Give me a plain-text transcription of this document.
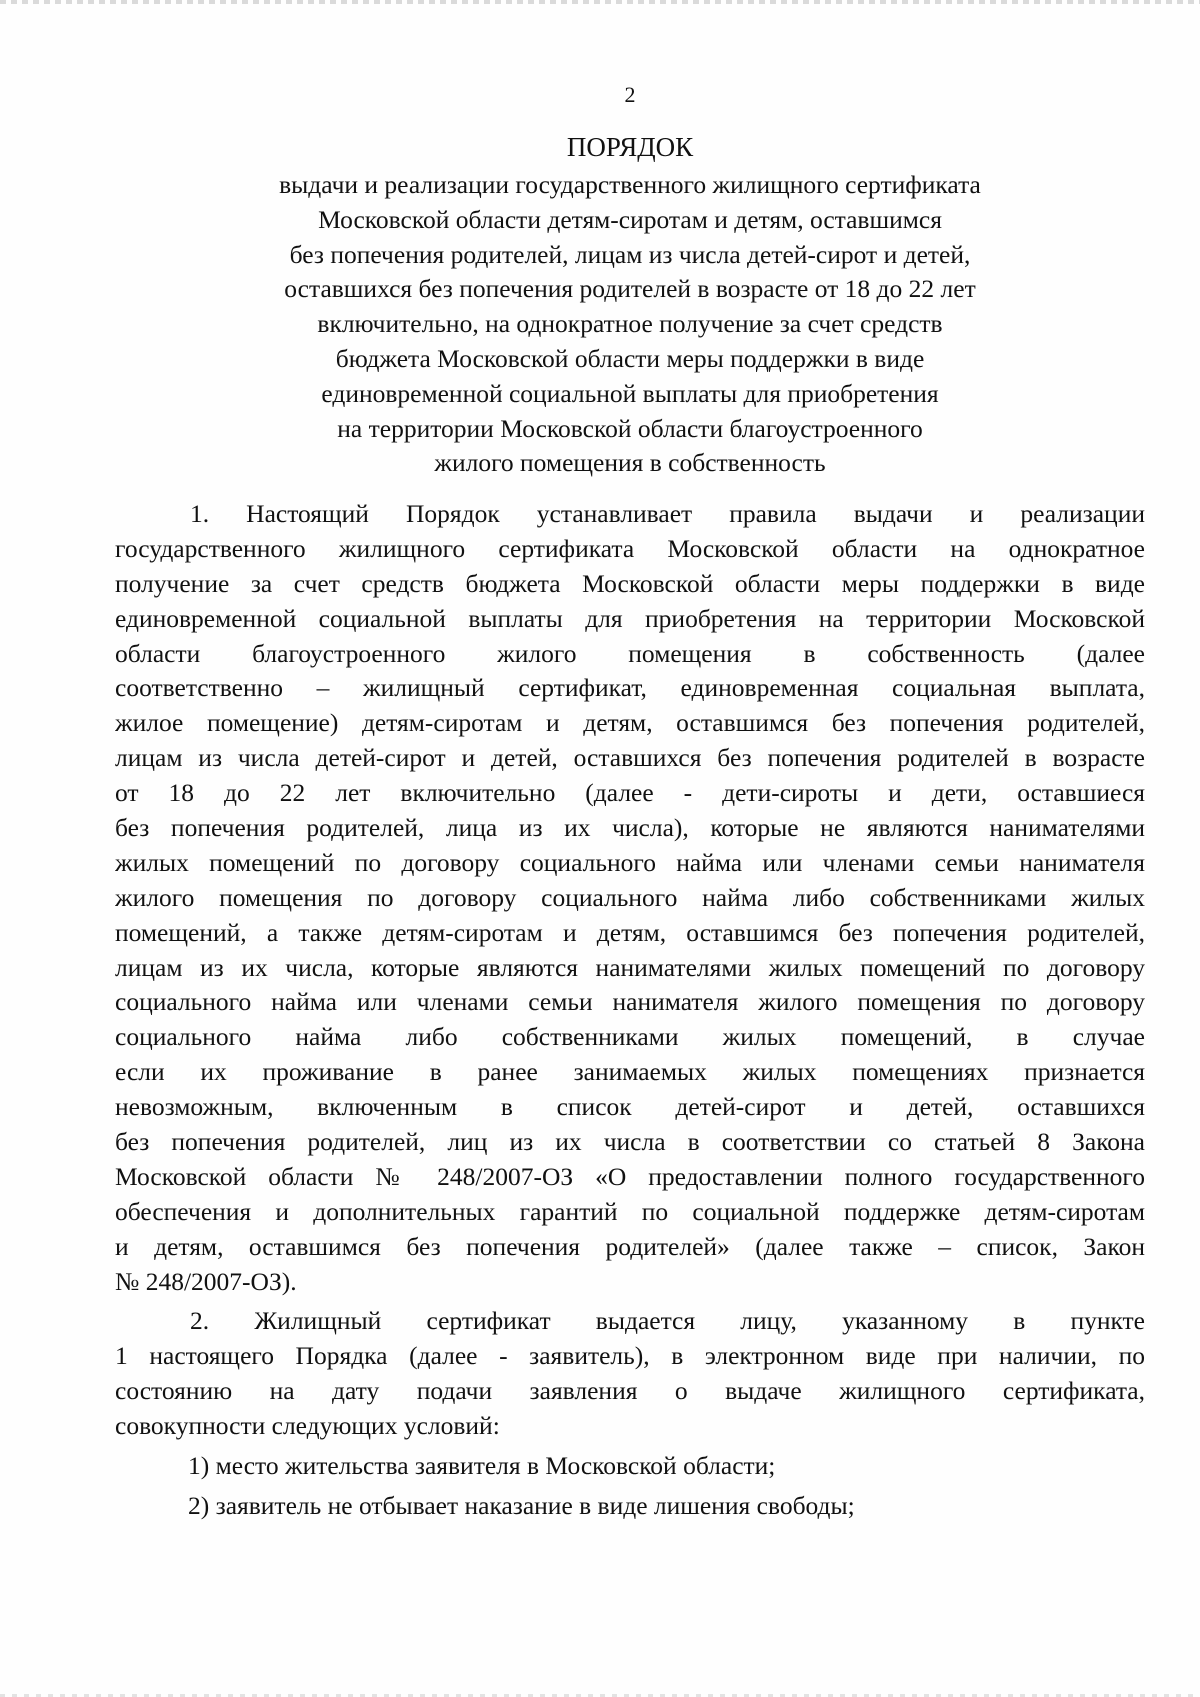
2
ПОРЯДОК
выдачи и реализации государственного жилищного сертификата
Московской области детям-сиротам и детям, оставшимся
без попечения родителей, лицам из числа детей-сирот и детей,
оставшихся без попечения родителей в возрасте от 18 до 22 лет
включительно, на однократное получение за счет средств
бюджета Московской области меры поддержки в виде
единовременной социальной выплаты для приобретения
на территории Московской области благоустроенного
жилого помещения в собственность
1. Настоящий Порядок устанавливает правила выдачи и реализации
государственного жилищного сертификата Московской области на однократное
получение за счет средств бюджета Московской области меры поддержки в виде
единовременной социальной выплаты для приобретения на территории Московской
области благоустроенного жилого помещения в собственность (далее
соответственно – жилищный сертификат, единовременная социальная выплата,
жилое помещение) детям-сиротам и детям, оставшимся без попечения родителей,
лицам из числа детей-сирот и детей, оставшихся без попечения родителей в возрасте
от 18 до 22 лет включительно (далее - дети-сироты и дети, оставшиеся
без попечения родителей, лица из их числа), которые не являются нанимателями
жилых помещений по договору социального найма или членами семьи нанимателя
жилого помещения по договору социального найма либо собственниками жилых
помещений, а также детям-сиротам и детям, оставшимся без попечения родителей,
лицам из их числа, которые являются нанимателями жилых помещений по договору
социального найма или членами семьи нанимателя жилого помещения по договору
социального найма либо собственниками жилых помещений, в случае
если их проживание в ранее занимаемых жилых помещениях признается
невозможным, включенным в список детей-сирот и детей, оставшихся
без попечения родителей, лиц из их числа в соответствии со статьей 8 Закона
Московской области № 248/2007-ОЗ «О предоставлении полного государственного
обеспечения и дополнительных гарантий по социальной поддержке детям-сиротам
и детям, оставшимся без попечения родителей» (далее также – список, Закон
№ 248/2007-ОЗ).
2. Жилищный сертификат выдается лицу, указанному в пункте
1 настоящего Порядка (далее - заявитель), в электронном виде при наличии, по
состоянию на дату подачи заявления о выдаче жилищного сертификата,
совокупности следующих условий:
1) место жительства заявителя в Московской области;
2) заявитель не отбывает наказание в виде лишения свободы;
